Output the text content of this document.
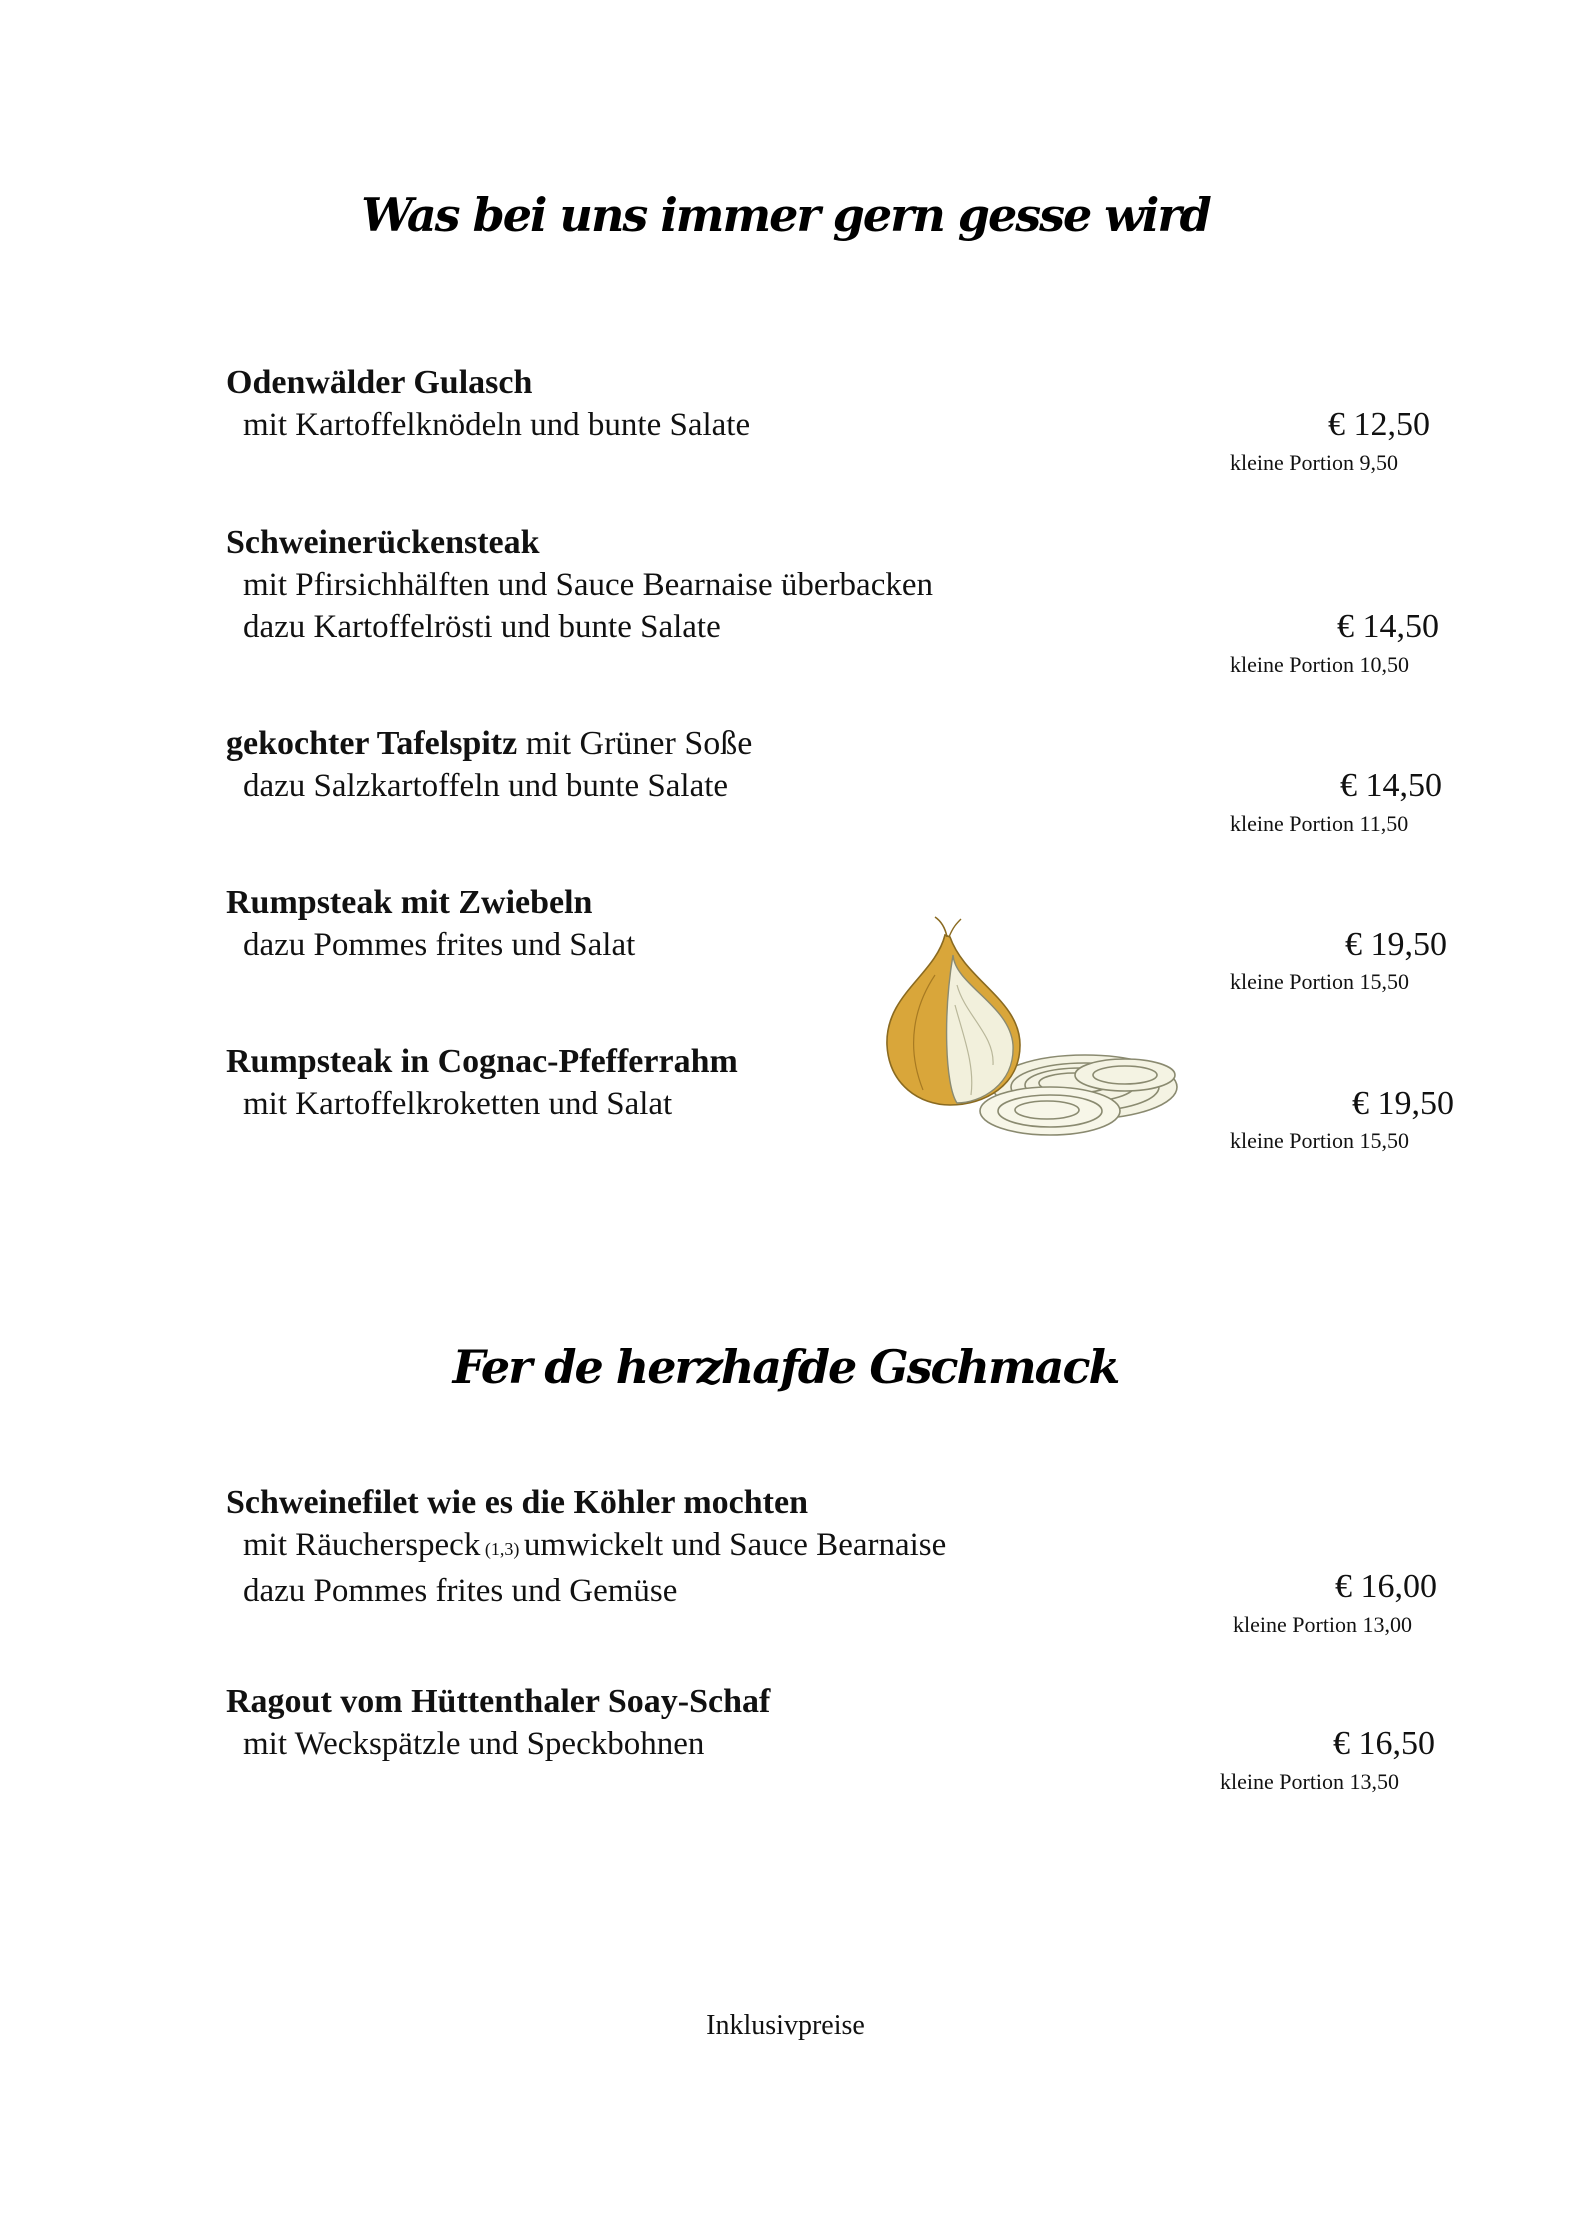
Was bei uns immer gern gesse wird
Odenwälder Gulasch
mit Kartoffelknödeln und bunte Salate	€ 12,50
kleine Portion 9,50
Schweinerückensteak
mit Pfirsichhälften und Sauce Bearnaise überbacken
dazu Kartoffelrösti und bunte Salate	€ 14,50
kleine Portion 10,50
gekochter Tafelspitz mit Grüner Soße
dazu Salzkartoffeln und bunte Salate	€ 14,50
kleine Portion 11,50
Rumpsteak mit Zwiebeln
dazu Pommes frites und Salat	€ 19,50
kleine Portion 15,50
Rumpsteak in Cognac-Pfefferrahm
mit Kartoffelkroketten und Salat	€ 19,50
kleine Portion 15,50
Fer de herzhafde Gschmack
Schweinefilet wie es die Köhler mochten
mit Räucherspeck (1,3) umwickelt und Sauce Bearnaise
dazu Pommes frites und Gemüse	€ 16,00
kleine Portion 13,00
Ragout vom Hüttenthaler Soay-Schaf
mit Weckspätzle und Speckbohnen	€ 16,50
kleine Portion 13,50
Inklusivpreise
